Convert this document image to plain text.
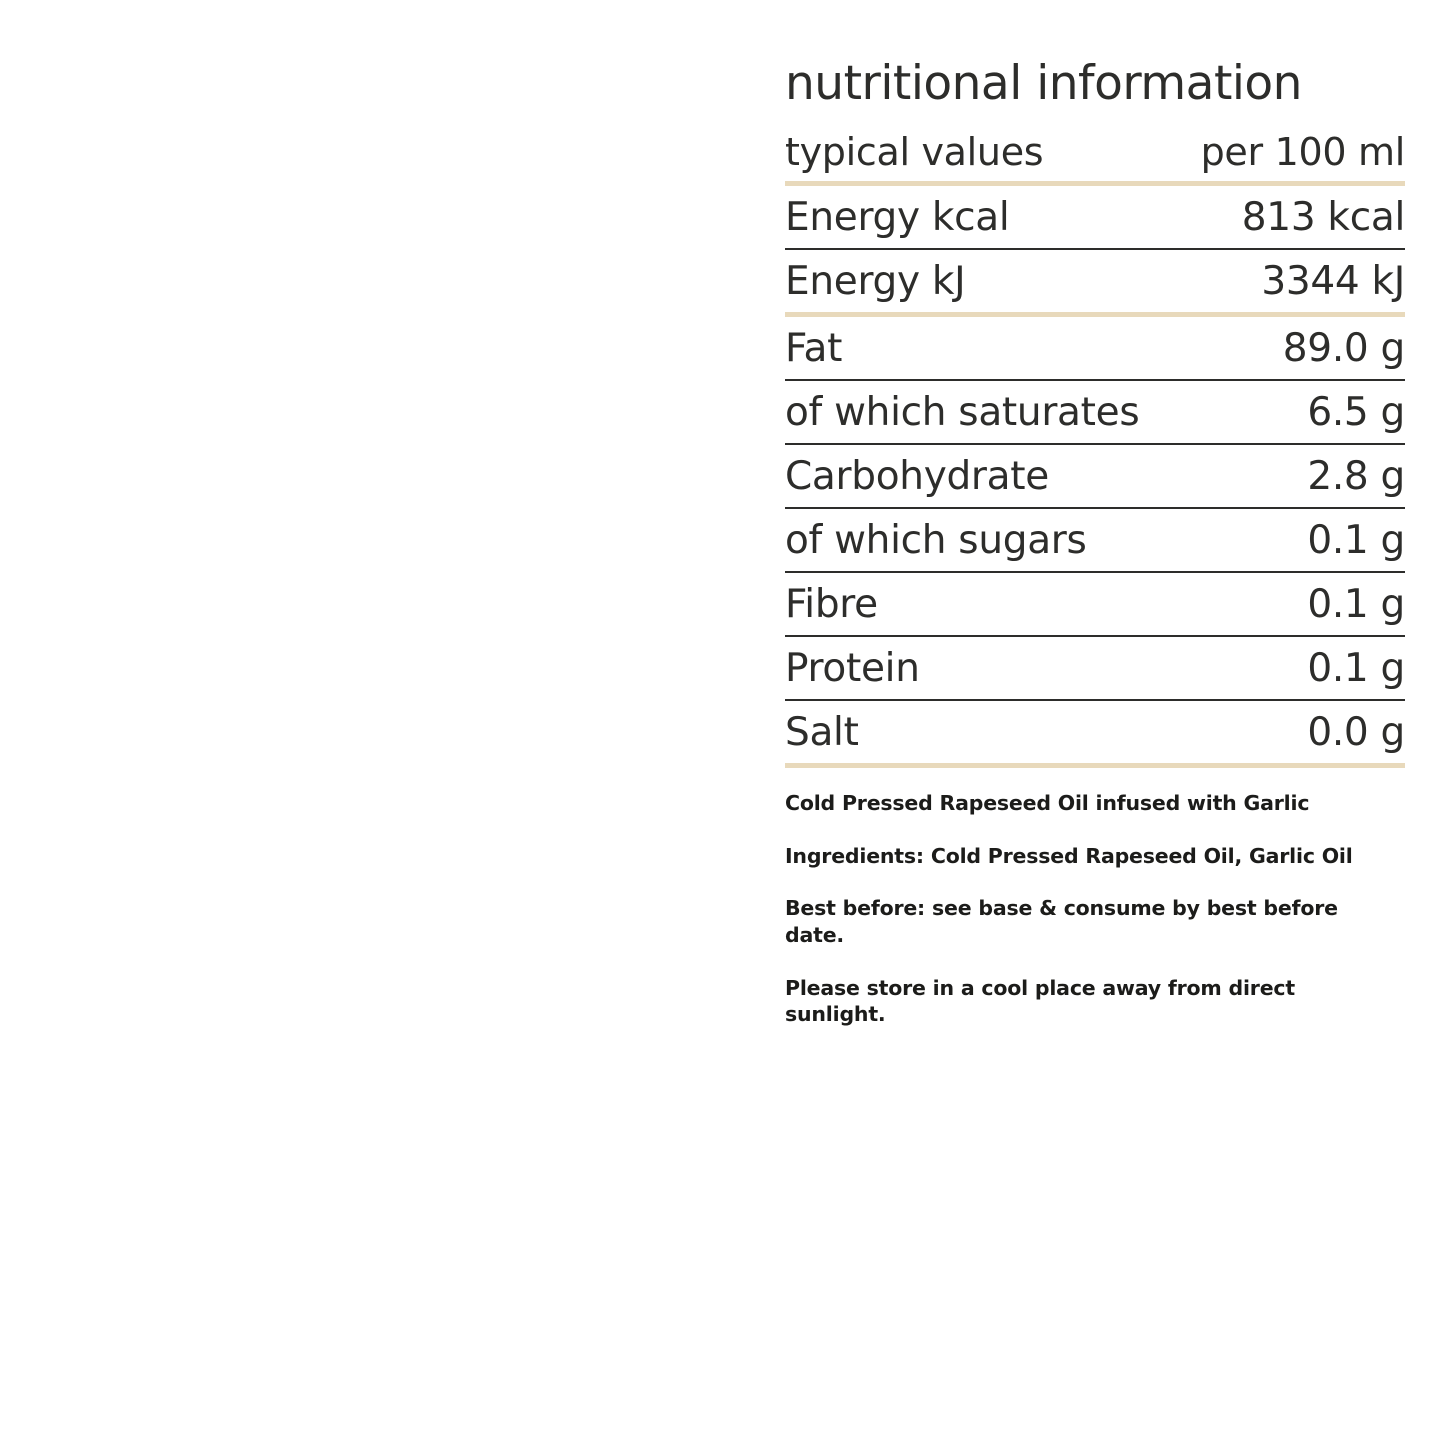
nutritional information
typical values	per 100 ml
Energy kcal	813 kcal
Energy kJ	3344 kJ
Fat	89.0 g
of which saturates	6.5 g
Carbohydrate	2.8 g
of which sugars	0.1 g
Fibre	0.1 g
Protein	0.1 g
Salt	0.0 g

Cold Pressed Rapeseed Oil infused with Garlic

Ingredients: Cold Pressed Rapeseed Oil, Garlic Oil

Best before: see base & consume by best before date.

Please store in a cool place away from direct sunlight.
